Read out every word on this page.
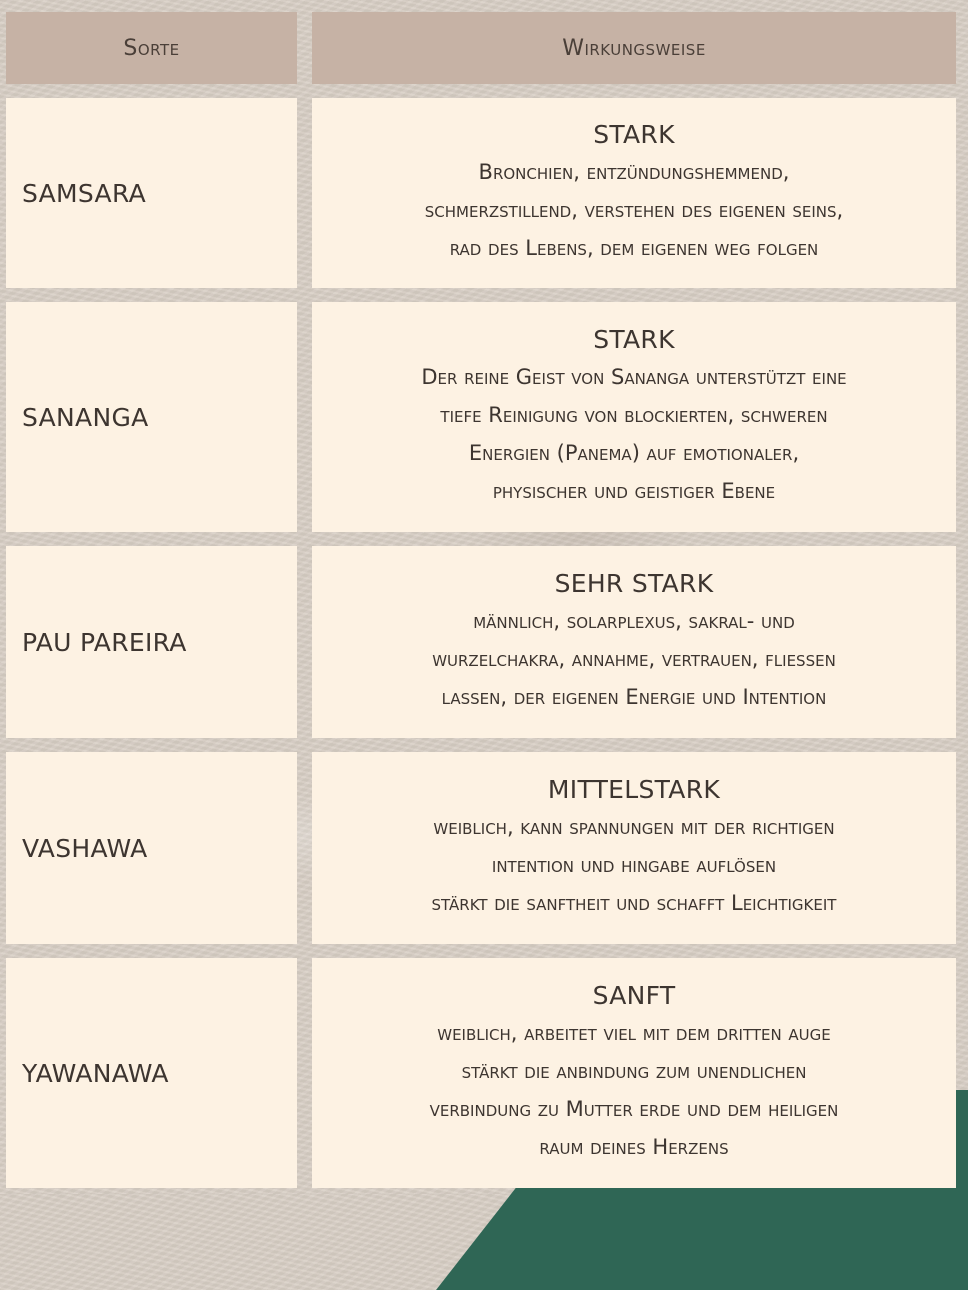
Sorte	Wirkungsweise
SAMSARA
STARK
Bronchien, entzündungshemmend,
schmerzstillend, verstehen des eigenen seins,
rad des Lebens, dem eigenen weg folgen
SANANGA
STARK
Der reine Geist von Sananga unterstützt eine
tiefe Reinigung von blockierten, schweren
Energien (Panema) auf emotionaler,
physischer und geistiger Ebene
PAU PAREIRA
SEHR STARK
männlich, solarplexus, sakral- und
wurzelchakra, annahme, vertrauen, fliessen
lassen, der eigenen Energie und Intention
VASHAWA
MITTELSTARK
weiblich, kann spannungen mit der richtigen
intention und hingabe auflösen
stärkt die sanftheit und schafft Leichtigkeit
YAWANAWA
SANFT
weiblich, arbeitet viel mit dem dritten auge
stärkt die anbindung zum unendlichen
verbindung zu Mutter erde und dem heiligen
raum deines Herzens
